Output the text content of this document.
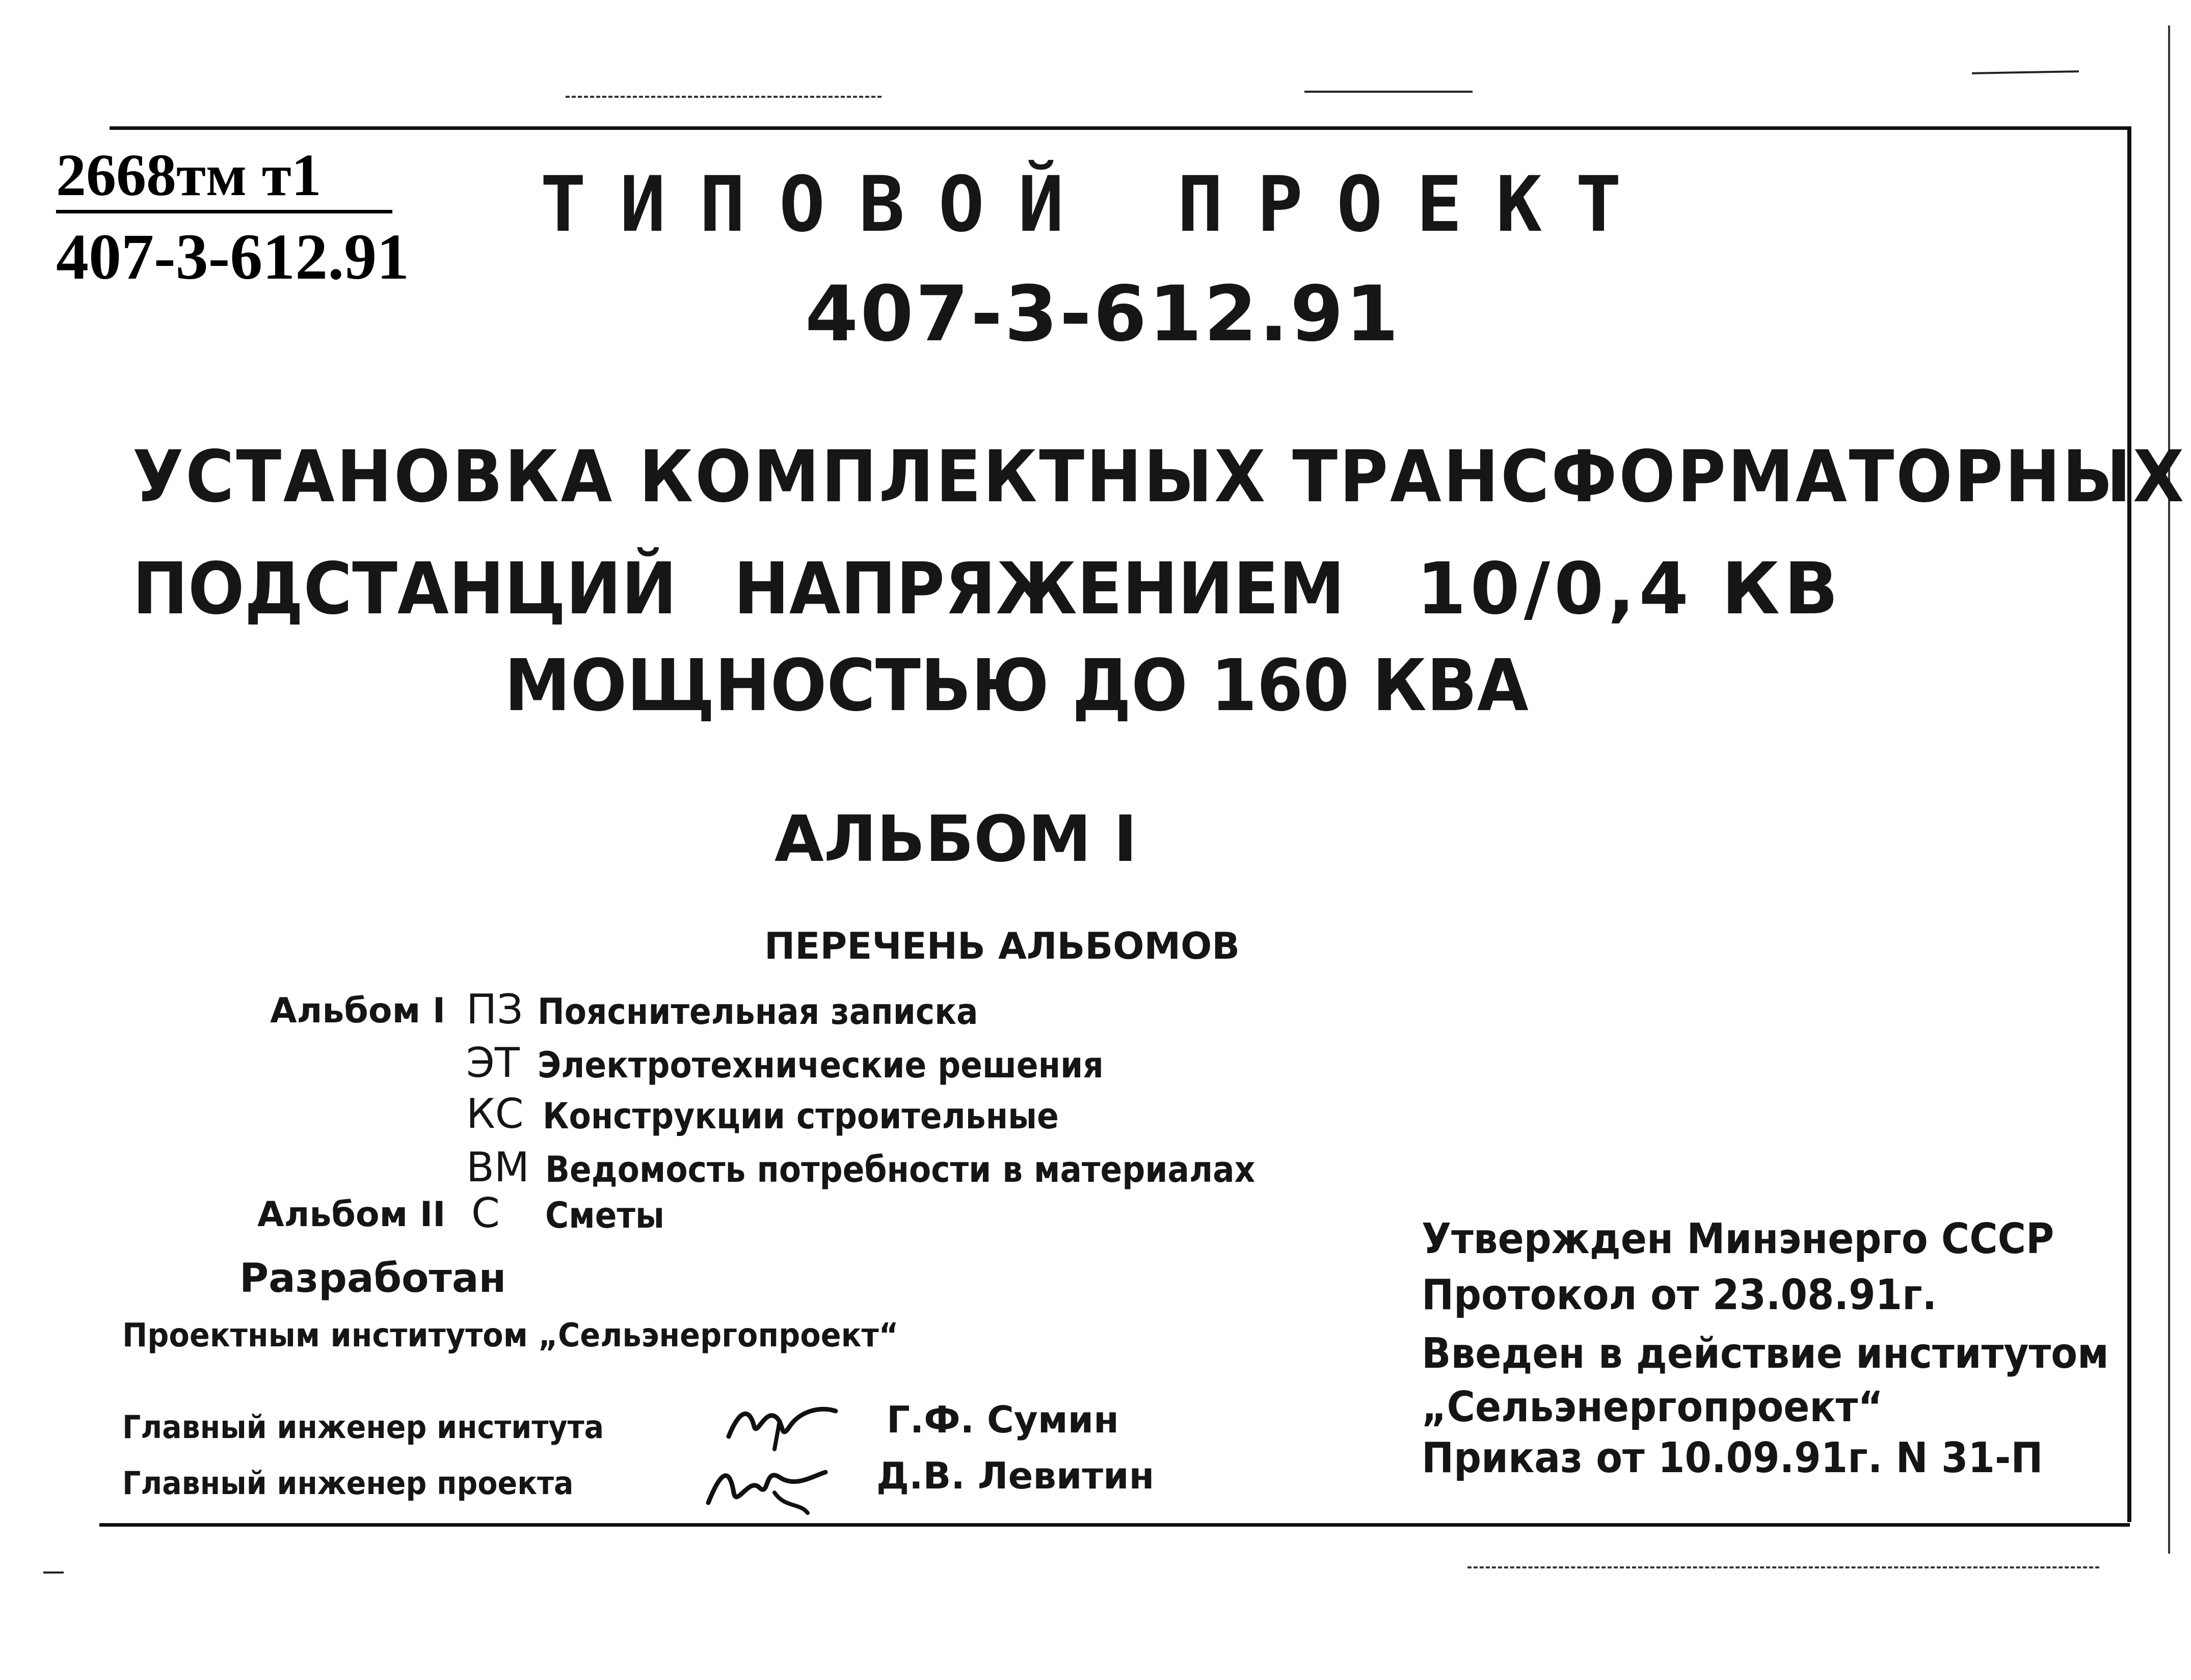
2668тм т1
407-3-612.91
ТИПОВОЙ ПРОЕКТ
407-3-612.91
УСТАНОВКА КОМПЛЕКТНЫХ ТРАНСФОРМАТОРНЫХ
ПОДСТАНЦИЙ НАПРЯЖЕНИЕМ 10/0,4 КВ
МОЩНОСТЬЮ ДО 160 КВА
АЛЬБОМ I
ПЕРЕЧЕНЬ АЛЬБОМОВ
Альбом I ПЗ Пояснительная записка
ЭТ Электротехнические решения
КС Конструкции строительные
ВМ Ведомость потребности в материалах
Альбом II С Сметы
Разработан
Проектным институтом „Сельэнергопроект“
Главный инженер института	Г.Ф. Сумин
Главный инженер проекта	Д.В. Левитин
Утвержден Минэнерго СССР
Протокол от 23.08.91г.
Введен в действие институтом
„Сельэнергопроект“
Приказ от 10.09.91г. N 31-П
